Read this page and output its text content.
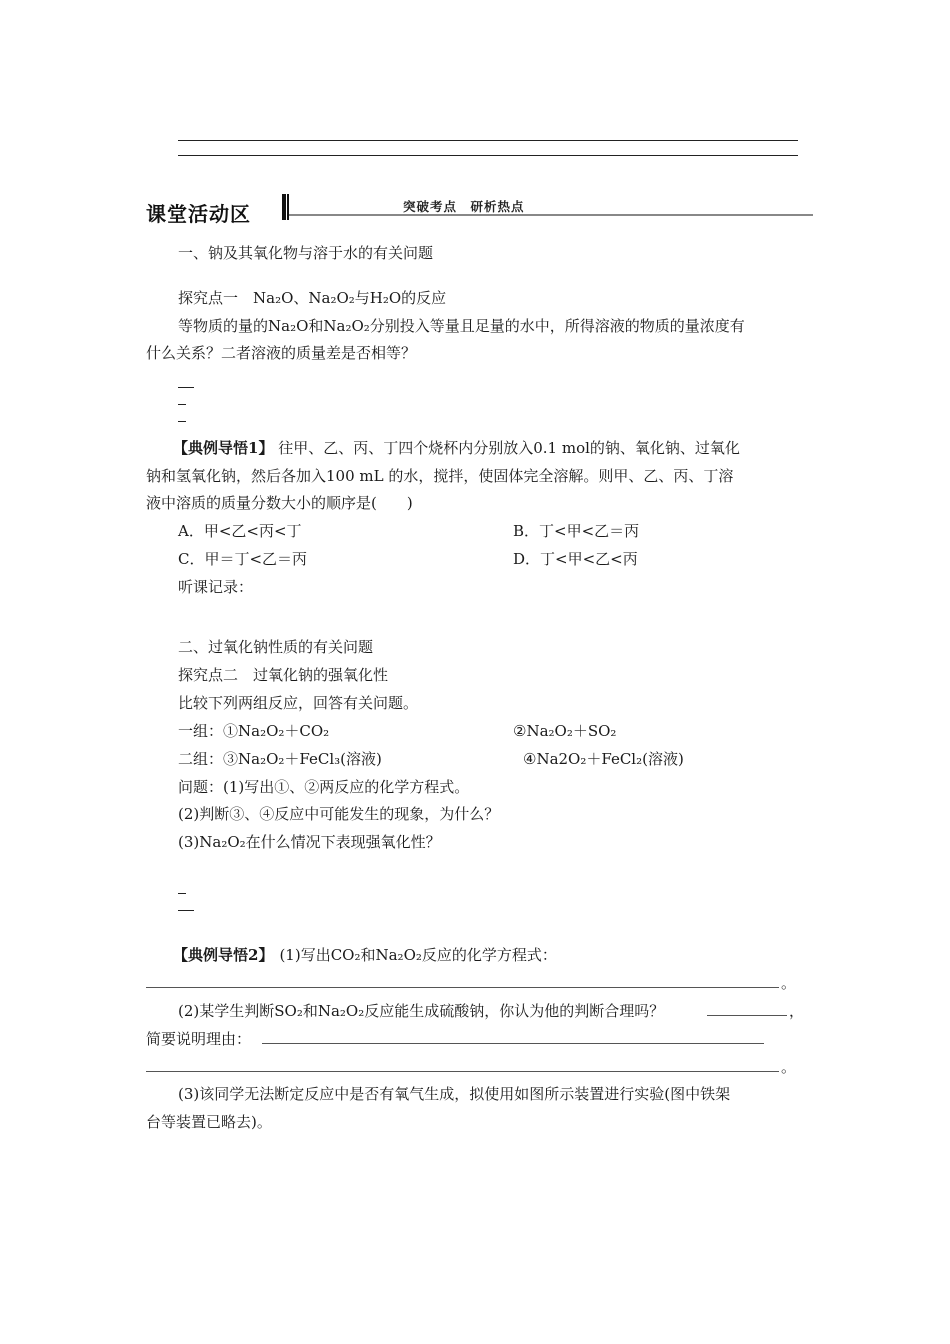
课堂活动区	突破考点　研析热点
一、钠及其氧化物与溶于水的有关问题
探究点一　Na₂O、Na₂O₂与H₂O的反应
等物质的量的Na₂O和Na₂O₂分别投入等量且足量的水中，所得溶液的物质的量浓度有
什么关系？二者溶液的质量差是否相等？
【典例导悟1】 往甲、乙、丙、丁四个烧杯内分别放入0.1 mol的钠、氧化钠、过氧化
钠和氢氧化钠，然后各加入100 mL 的水，搅拌，使固体完全溶解。则甲、乙、丙、丁溶
液中溶质的质量分数大小的顺序是(　　)
A．甲<乙<丙<丁	B．丁<甲<乙＝丙
C．甲＝丁<乙＝丙	D．丁<甲<乙<丙
听课记录：
二、过氧化钠性质的有关问题
探究点二　过氧化钠的强氧化性
比较下列两组反应，回答有关问题。
一组：①Na₂O₂＋CO₂	②Na₂O₂＋SO₂
二组：③Na₂O₂＋FeCl₃(溶液)	④Na2O₂＋FeCl₂(溶液)
问题：(1)写出①、②两反应的化学方程式。
(2)判断③、④反应中可能发生的现象，为什么？
(3)Na₂O₂在什么情况下表现强氧化性？
【典例导悟2】 (1)写出CO₂和Na₂O₂反应的化学方程式：
。
(2)某学生判断SO₂和Na₂O₂反应能生成硫酸钠，你认为他的判断合理吗？	，
简要说明理由：
。
(3)该同学无法断定反应中是否有氧气生成，拟使用如图所示装置进行实验(图中铁架
台等装置已略去)。
